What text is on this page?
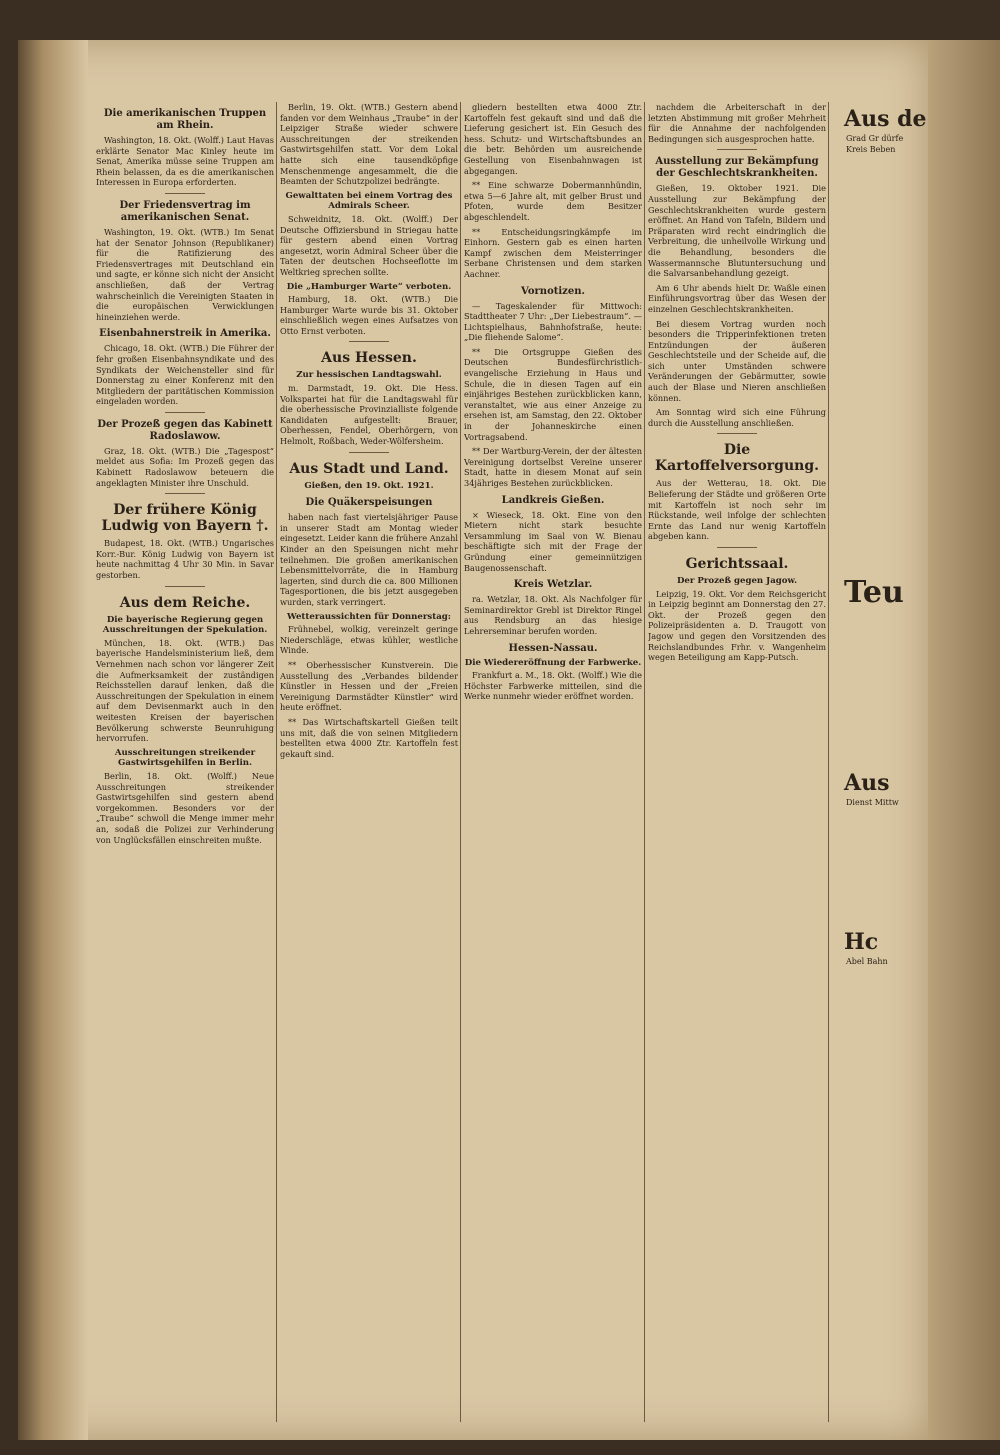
Die amerikanischen Truppen am Rhein.

Washington, 18. Okt. (Wolff.) Laut Havas erklärte Senator Mac Kinley heute im Senat, Amerika müsse seine Truppen am Rhein belassen, da es die amerikanischen Interessen in Europa erforderten.

Der Friedensvertrag im amerikanischen Senat.

Washington, 19. Okt. (WTB.) Im Senat hat der Senator Johnson (Republikaner) für die Ratifizierung des Friedensvertrages mit Deutschland ein und sagte, er könne sich nicht der Ansicht anschließen, daß der Vertrag wahrscheinlich die Vereinigten Staaten in die europäischen Verwicklungen hineinziehen werde.

Eisenbahnerstreik in Amerika.

Chicago, 18. Okt. (WTB.) Die Führer der fehr großen Eisenbahnsyndikate und des Syndikats der Weichensteller sind für Donnerstag zu einer Konferenz mit den Mitgliedern der paritätischen Kommission eingeladen worden.

Der Prozeß gegen das Kabinett Radoslawow.

Graz, 18. Okt. (WTB.) Die „Tagespost“ meldet aus Sofia: Im Prozeß gegen das Kabinett Radoslawow beteuern die angeklagten Minister ihre Unschuld.

Der frühere König Ludwig von Bayern †.

Budapest, 18. Okt. (WTB.) Ungarisches Korr.-Bur. König Ludwig von Bayern ist heute nachmittag 4 Uhr 30 Min. in Savar gestorben.

Aus dem Reiche.
Die bayerische Regierung gegen Ausschreitungen der Spekulation.

München, 18. Okt. (WTB.) Das bayerische Handelsministerium ließ, dem Vernehmen nach schon vor längerer Zeit die Aufmerksamkeit der zuständigen Reichsstellen darauf lenken, daß die Ausschreitungen der Spekulation in einem auf dem Devisenmarkt auch in den weitesten Kreisen der bayerischen Bevölkerung schwerste Beunruhigung hervorrufen.

Ausschreitungen streikender Gastwirtsgehilfen in Berlin.

Berlin, 18. Okt. (Wolff.) Neue Ausschreitungen streikender Gastwirtsgehilfen sind gestern abend vorgekommen. Besonders vor der „Traube“ schwoll die Menge immer mehr an, sodaß die Polizei zur Verhinderung von Unglücksfällen einschreiten mußte.

Berlin, 19. Okt. (WTB.) Gestern abend fanden vor dem Weinhaus „Traube“ in der Leipziger Straße wieder schwere Ausschreitungen der streikenden Gastwirtsgehilfen statt. Vor dem Lokal hatte sich eine tausendköpfige Menschenmenge angesammelt, die die Beamten der Schutzpolizei bedrängte.

Gewalttaten bei einem Vortrag des Admirals Scheer.

Schweidnitz, 18. Okt. (Wolff.) Der Deutsche Offiziersbund in Striegau hatte für gestern abend einen Vortrag angesetzt, worin Admiral Scheer über die Taten der deutschen Hochseeflotte im Weltkrieg sprechen sollte.

Die „Hamburger Warte“ verboten.

Hamburg, 18. Okt. (WTB.) Die Hamburger Warte wurde bis 31. Oktober einschließlich wegen eines Aufsatzes von Otto Ernst verboten.

Aus Hessen.
Zur hessischen Landtagswahl.

m. Darmstadt, 19. Okt. Die Hess. Volkspartei hat für die Landtagswahl für die oberhessische Provinzialliste folgende Kandidaten aufgestellt: Brauer, Oberhessen, Fendel, Oberhörgern, von Helmolt, Roßbach, Weder-Wölfersheim.

Aus Stadt und Land.
Gießen, den 19. Okt. 1921.
Die Quäkerspeisungen

haben nach fast viertelsjähriger Pause in unserer Stadt am Montag wieder eingesetzt. Leider kann die frühere Anzahl Kinder an den Speisungen nicht mehr teilnehmen. Die großen amerikanischen Lebensmittelvorräte, die in Hamburg lagerten, sind durch die ca. 800 Millionen Tagesportionen, die bis jetzt ausgegeben wurden, stark verringert.

Wetteraussichten für Donnerstag:

Frühnebel, wolkig, vereinzelt geringe Niederschläge, etwas kühler, westliche Winde.

** Oberhessischer Kunstverein. Die Ausstellung des „Verbandes bildender Künstler in Hessen und der „Freien Vereinigung Darmstädter Künstler“ wird heute eröffnet.

** Das Wirtschaftskartell Gießen teilt uns mit, daß die von seinen Mitgliedern bestellten etwa 4000 Ztr. Kartoffeln fest gekauft sind.

gliedern bestellten etwa 4000 Ztr. Kartoffeln fest gekauft sind und daß die Lieferung gesichert ist. Ein Gesuch des hess. Schutz- und Wirtschaftsbundes an die betr. Behörden um ausreichende Gestellung von Eisenbahnwagen ist abgegangen.

** Eine schwarze Dobermannhündin, etwa 5—6 Jahre alt, mit gelber Brust und Pfoten, wurde dem Besitzer abgeschlendelt.

** Entscheidungsringkämpfe im Einhorn. Gestern gab es einen harten Kampf zwischen dem Meisterringer Serbane Christensen und dem starken Aachner.

Vornotizen.

— Tageskalender für Mittwoch: Stadttheater 7 Uhr: „Der Liebestraum“. — Lichtspielhaus, Bahnhofstraße, heute: „Die fliehende Salome“.

** Die Ortsgruppe Gießen des Deutschen Bundesfürchristlich-evangelische Erziehung in Haus und Schule, die in diesen Tagen auf ein einjähriges Bestehen zurückblicken kann, veranstaltet, wie aus einer Anzeige zu ersehen ist, am Samstag, den 22. Oktober in der Johanneskirche einen Vortragsabend.

** Der Wartburg-Verein, der der ältesten Vereinigung dortselbst Vereine unserer Stadt, hatte in diesem Monat auf sein 34jähriges Bestehen zurückblicken.

Landkreis Gießen.

× Wieseck, 18. Okt. Eine von den Mietern nicht stark besuchte Versammlung im Saal von W. Bienau beschäftigte sich mit der Frage der Gründung einer gemeinnützigen Baugenossenschaft.

Kreis Wetzlar.

ra. Wetzlar, 18. Okt. Als Nachfolger für Seminardirektor Grebl ist Direktor Ringel aus Rendsburg an das hiesige Lehrerseminar berufen worden.

Hessen-Nassau.
Die Wiedereröffnung der Farbwerke.

Frankfurt a. M., 18. Okt. (Wolff.) Wie die Höchster Farbwerke mitteilen, sind die Werke nunmehr wieder eröffnet worden.

nachdem die Arbeiterschaft in der letzten Abstimmung mit großer Mehrheit für die Annahme der nachfolgenden Bedingungen sich ausgesprochen hatte.

Ausstellung zur Bekämpfung der Geschlechtskrankheiten.

Gießen, 19. Oktober 1921. Die Ausstellung zur Bekämpfung der Geschlechtskrankheiten wurde gestern eröffnet. An Hand von Tafeln, Bildern und Präparaten wird recht eindringlich die Verbreitung, die unheilvolle Wirkung und die Behandlung, besonders die Wassermannsche Blutuntersuchung und die Salvarsanbehandlung gezeigt.

Am 6 Uhr abends hielt Dr. Waßle einen Einführungsvortrag über das Wesen der einzelnen Geschlechtskrankheiten.

Bei diesem Vortrag wurden noch besonders die Tripperinfektionen treten Entzündungen der äußeren Geschlechtsteile und der Scheide auf, die sich unter Umständen schwere Veränderungen der Gebärmutter, sowie auch der Blase und Nieren anschließen können.

Am Sonntag wird sich eine Führung durch die Ausstellung anschließen.

Die Kartoffelversorgung.

Aus der Wetterau, 18. Okt. Die Belieferung der Städte und größeren Orte mit Kartoffeln ist noch sehr im Rückstande, weil infolge der schlechten Ernte das Land nur wenig Kartoffeln abgeben kann.

Gerichtssaal.
Der Prozeß gegen Jagow.

Leipzig, 19. Okt. Vor dem Reichsgericht in Leipzig beginnt am Donnerstag den 27. Okt. der Prozeß gegen den Polizeipräsidenten a. D. Traugott von Jagow und gegen den Vorsitzenden des Reichslandbundes Frhr. v. Wangenheim wegen Beteiligung am Kapp-Putsch.

Aus de
Grad Gr dürfe Kreis Beben
Teu
Aus
Dienst Mittw
Hc
Abel Bahn
